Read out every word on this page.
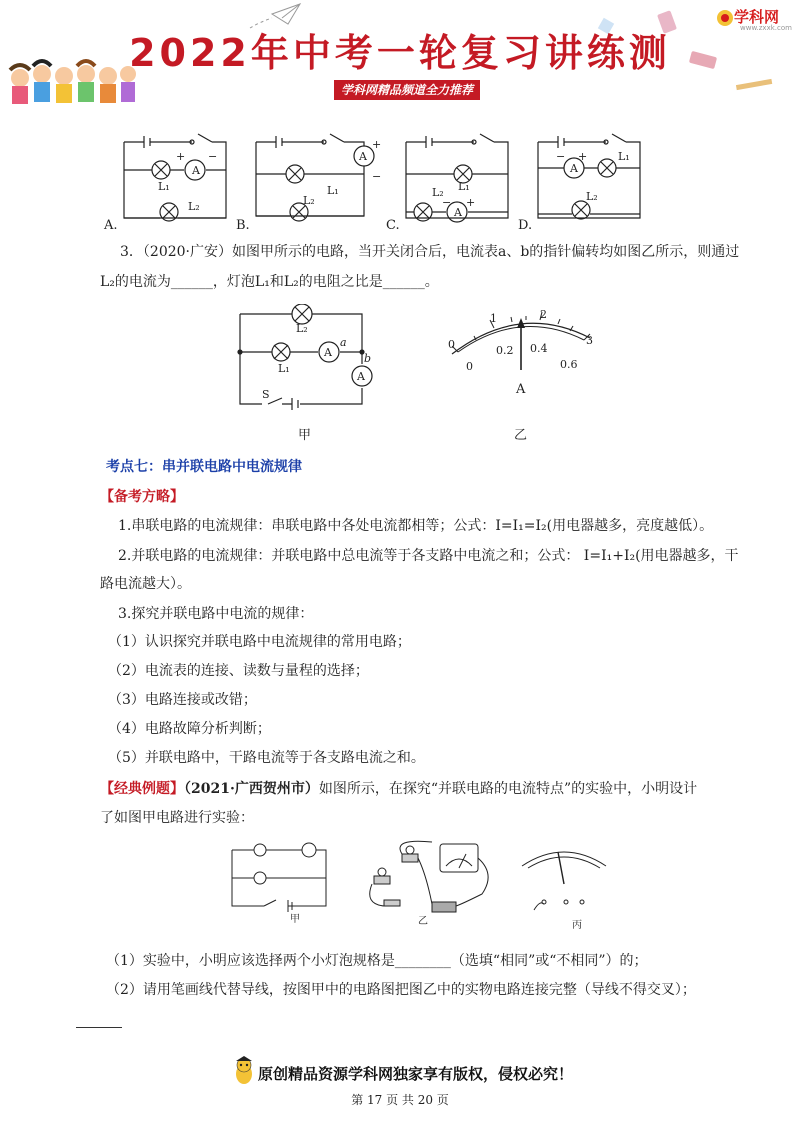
2022年中考一轮复习讲练测
学科网精品频道全力推荐
学科网
www.zxxk.com
A
+ −
L₁
L₂
A
+
−
L₁
L₂
A
− +
L₁
L₂
A
− +	L₁
L₂
A.	B.	C.	D.
3．（2020·广安）如图甲所示的电路，当开关闭合后，电流表a、b的指针偏转均如图乙所示，则通过
L₂的电流为______，灯泡L₁和L₂的电阻之比是______。
A
A
L₂
L₁
a
b
S
甲
0
1	2
3
0
0.2 0.4
0.6
A
乙
考点七：串并联电路中电流规律
【备考方略】
1.串联电路的电流规律：串联电路中各处电流都相等；公式：I=I₁=I₂(用电器越多，亮度越低）。
2.并联电路的电流规律：并联电路中总电流等于各支路中电流之和；公式： I=I₁+I₂(用电器越多，干
路电流越大）。
3.探究并联电路中电流的规律：
（1）认识探究并联电路中电流规律的常用电路；
（2）电流表的连接、读数与量程的选择；
（3）电路连接或改错；
（4）电路故障分析判断；
（5）并联电路中，干路电流等于各支路电流之和。
【经典例题】（2021·广西贺州市）如图所示，在探究“并联电路的电流特点”的实验中，小明设计
了如图甲电路进行实验：
甲	乙	丙
（1）实验中，小明应该选择两个小灯泡规格是________（选填“相同”或“不相同”）的；
（2）请用笔画线代替导线，按图甲中的电路图把图乙中的实物电路连接完整（导线不得交叉）；
原创精品资源学科网独家享有版权，侵权必究！
第 17 页 共 20 页
